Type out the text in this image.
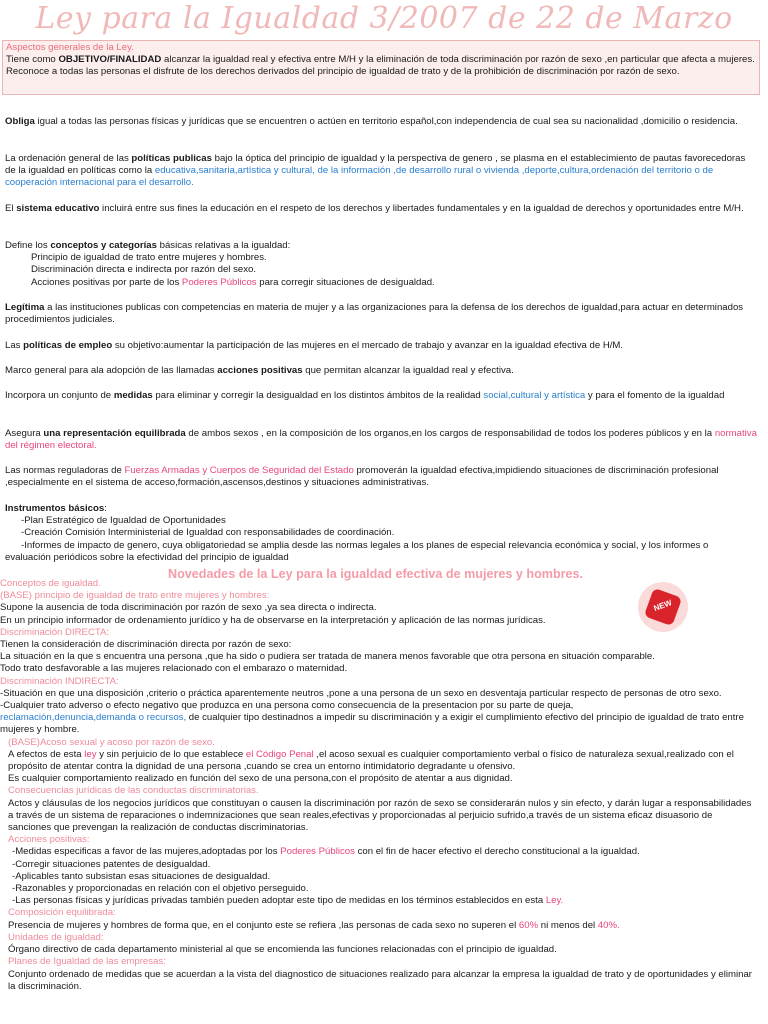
Ley para la Igualdad 3/2007 de 22 de Marzo
Aspectos generales de la Ley.
Tiene como OBJETIVO/FINALIDAD alcanzar la igualdad real y efectiva entre M/H y la eliminación de toda discriminación por razón de sexo ,en particular que afecta a mujeres. Reconoce a todas las personas el disfrute de los derechos derivados del principio de igualdad de trato y de la prohibición de discriminación por razón de sexo.
Obliga igual a todas las personas físicas y jurídicas que se encuentren o actúen en territorio español,con independencia de cual sea su nacionalidad ,domicilio o residencia.
La ordenación general de las políticas publicas bajo la óptica del principio de igualdad y la perspectiva de genero , se plasma en el establecimiento de pautas favorecedoras de la igualdad en políticas como la educativa,sanitaria,artística y cultural, de la información ,de desarrollo rural o vivienda ,deporte,cultura,ordenación del territorio o de cooperación internacional para el desarrollo.
El sistema educativo incluirá entre sus fines la educación en el respeto de los derechos y libertades fundamentales y en la igualdad de derechos y oportunidades entre M/H.
Define los conceptos y categorías básicas relativas a la igualdad:
Principio de igualdad de trato entre mujeres y hombres.
Discriminación directa e indirecta por razón del sexo.
Acciones positivas por parte de los Poderes Públicos para corregir situaciones de desigualdad.
Legítima a las instituciones publicas con competencias en materia de mujer y a las organizaciones para la defensa de los derechos de igualdad,para actuar en determinados procedimientos judiciales.
Las políticas de empleo su objetivo:aumentar la participación de las mujeres en el mercado de trabajo y avanzar en la igualdad efectiva de H/M.
Marco general para ala adopción de las llamadas acciones positivas que permitan alcanzar la igualdad real y efectiva.
Incorpora un conjunto de medidas para eliminar y corregir la desigualdad en los distintos ámbitos de la realidad social,cultural y artística y para el fomento de la igualdad
Asegura una representación equilibrada de ambos sexos , en la composición de los organos,en los cargos de responsabilidad de todos los poderes públicos y en la normativa del régimen electoral.
Las normas reguladoras de Fuerzas Armadas y Cuerpos de Seguridad del Estado promoverán la igualdad efectiva,impidiendo situaciones de discriminación profesional ,especialmente en el sistema de acceso,formación,ascensos,destinos y situaciones administrativas.
Instrumentos básicos:
-Plan Estratégico de Igualdad de Oportunidades
-Creación Comisión Interministerial de Igualdad con responsabilidades de coordinación.
-Informes de impacto de genero, cuya obligatoriedad se amplia desde las normas legales a los planes de especial relevancia económica y social, y los informes o
evaluación periódicos sobre la efectividad del principio de igualdad
Novedades de la Ley para la igualdad efectiva de mujeres y hombres.
NEW
Conceptos de igualdad.
(BASE) principio de igualdad de trato entre mujeres y hombres:
Supone la ausencia de toda discriminación por razón de sexo ,ya sea directa o indirecta.
En un principio informador de ordenamiento jurídico y ha de observarse en la interpretación y aplicación de las normas jurídicas.
Discriminación DIRECTA:
Tienen la consideración de discriminación directa por razón de sexo:
La situación en la que s encuentra una persona ,que ha sido o pudiera ser tratada de manera menos favorable que otra persona en situación comparable.
Todo trato desfavorable a las mujeres relacionado con el embarazo o maternidad.
Discriminación INDIRECTA:
-Situación en que una disposición ,criterio o práctica aparentemente neutros ,pone a una persona de un sexo en desventaja particular respecto de personas de otro sexo.
-Cualquier trato adverso o efecto negativo que produzca en una persona como consecuencia de la presentacion por su parte de queja,
reclamación,denuncia,demanda o recursos, de cualquier tipo destinadnos a impedir su discriminación y a exigir el cumplimiento efectivo del principio de igualdad de trato entre mujeres y hombre.
(BASE)Acoso sexual y acoso por razón de sexo.
A efectos de esta ley y sin perjuicio de lo que establece el Código Penal ,el acoso sexual es cualquier comportamiento verbal o físico de naturaleza sexual,realizado con el propósito de atentar contra la dignidad de una persona ,cuando se crea un entorno intimidatorio degradante u ofensivo.
Es cualquier comportamiento realizado en función del sexo de una persona,con el propósito de atentar a aus dignidad.
Consecuencias jurídicas de las conductas discriminatorias.
Actos y cláusulas de los negocios jurídicos que constituyan o causen la discriminación por razón de sexo se considerarán nulos y sin efecto, y darán lugar a responsabilidades a través de un sistema de reparaciones o indemnizaciones que sean reales,efectivas y proporcionadas al perjuicio sufrido,a través de un sistema eficaz disuasorio de sanciones que prevengan la realización de conductas discriminatorias.
Acciones positivas:
-Medidas especificas a favor de las mujeres,adoptadas por los Poderes Públicos con el fin de hacer efectivo el derecho constitucional a la igualdad.
-Corregir situaciones patentes de desigualdad.
-Aplicables tanto subsistan esas situaciones de desigualdad.
-Razonables y proporcionadas en relación con el objetivo perseguido.
-Las personas físicas y jurídicas privadas también pueden adoptar este tipo de medidas en los términos establecidos en esta Ley.
Composición equilibrada:
Presencia de mujeres y hombres de forma que, en el conjunto este se refiera ,las personas de cada sexo no superen el 60% ni menos del 40%.
Unidades de igualdad:
Órgano directivo de cada departamento ministerial al que se encomienda las funciones relacionadas con el principio de igualdad.
Planes de Igualdad de las empresas:
Conjunto ordenado de medidas que se acuerdan a la vista del diagnostico de situaciones realizado para alcanzar la empresa la igualdad de trato y de oportunidades y eliminar la discriminación.
